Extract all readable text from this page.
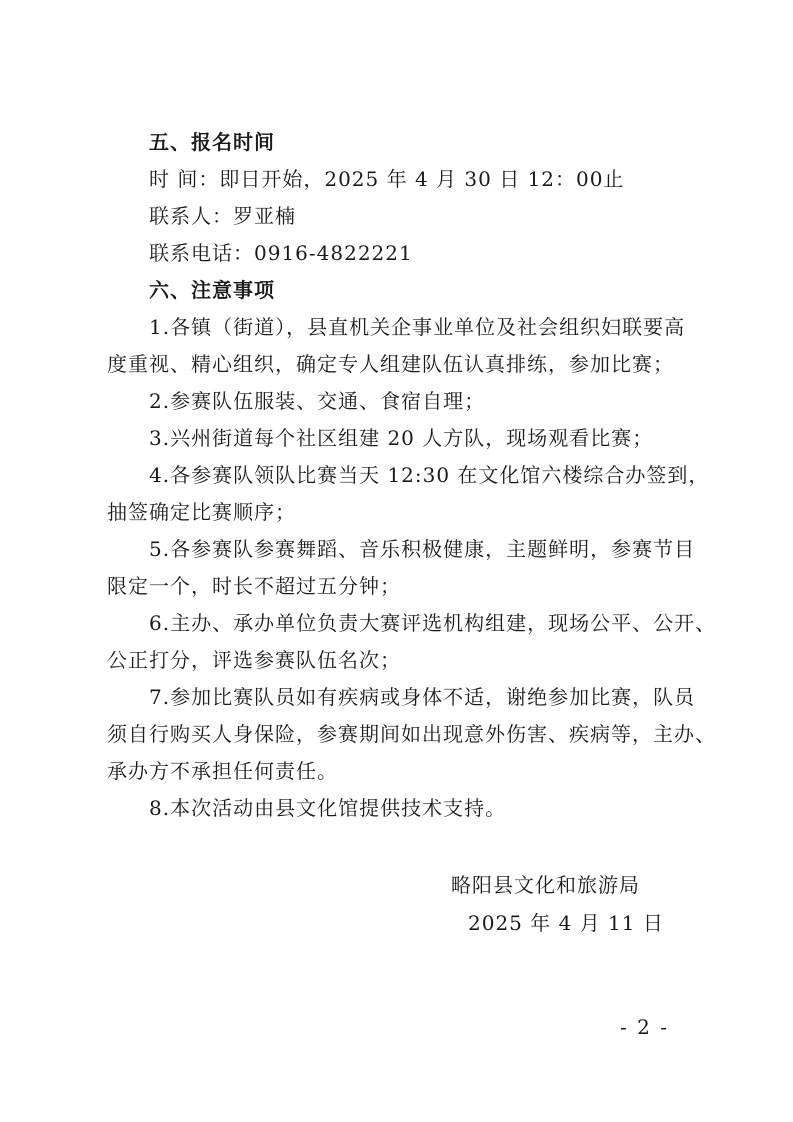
五、报名时间
时 间：即日开始，2025 年 4 月 30 日 12：00止
联系人：罗亚楠
联系电话：0916-4822221
六、注意事项
1.各镇（街道），县直机关企事业单位及社会组织妇联要高
度重视、精心组织，确定专人组建队伍认真排练，参加比赛；
2.参赛队伍服装、交通、食宿自理；
3.兴州街道每个社区组建 20 人方队，现场观看比赛；
4.各参赛队领队比赛当天 12:30 在文化馆六楼综合办签到，
抽签确定比赛顺序；
5.各参赛队参赛舞蹈、音乐积极健康，主题鲜明，参赛节目
限定一个，时长不超过五分钟；
6.主办、承办单位负责大赛评选机构组建，现场公平、公开、
公正打分，评选参赛队伍名次；
7.参加比赛队员如有疾病或身体不适，谢绝参加比赛，队员
须自行购买人身保险，参赛期间如出现意外伤害、疾病等，主办、
承办方不承担任何责任。
8.本次活动由县文化馆提供技术支持。
略阳县文化和旅游局
2025 年 4 月 11 日
- 2 -
